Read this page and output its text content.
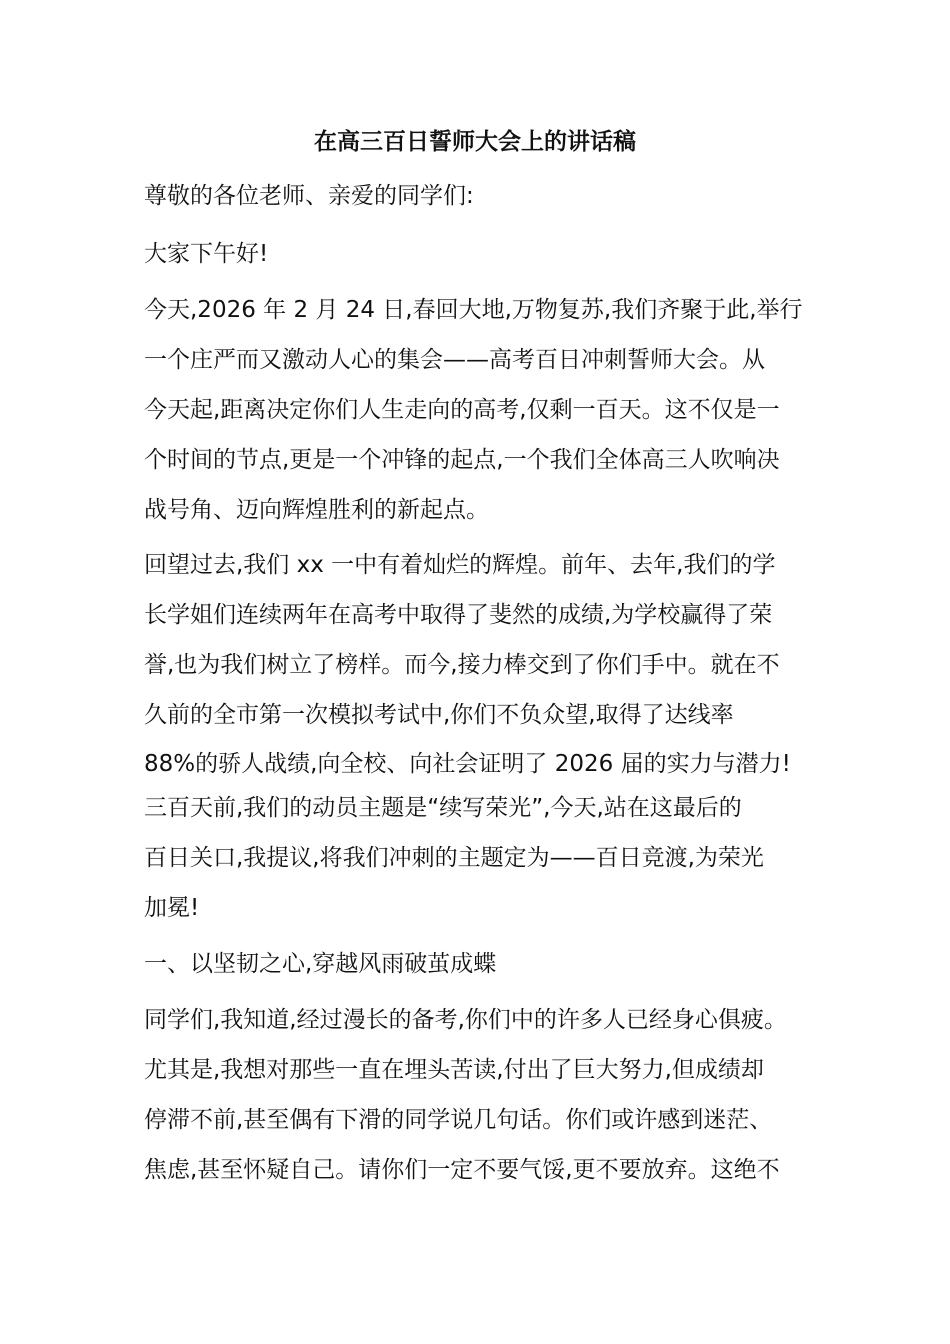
在高三百日誓师大会上的讲话稿

尊敬的各位老师、亲爱的同学们:

大家下午好!

今天,2026 年 2 月 24 日,春回大地,万物复苏,我们齐聚于此,举行

一个庄严而又激动人心的集会——高考百日冲刺誓师大会。从

今天起,距离决定你们人生走向的高考,仅剩一百天。这不仅是一

个时间的节点,更是一个冲锋的起点,一个我们全体高三人吹响决

战号角、迈向辉煌胜利的新起点。

回望过去,我们 xx 一中有着灿烂的辉煌。前年、去年,我们的学

长学姐们连续两年在高考中取得了斐然的成绩,为学校赢得了荣

誉,也为我们树立了榜样。而今,接力棒交到了你们手中。就在不

久前的全市第一次模拟考试中,你们不负众望,取得了达线率

88%的骄人战绩,向全校、向社会证明了 2026 届的实力与潜力!

三百天前,我们的动员主题是“续写荣光”,今天,站在这最后的

百日关口,我提议,将我们冲刺的主题定为——百日竞渡,为荣光

加冕!

一、以坚韧之心,穿越风雨破茧成蝶

同学们,我知道,经过漫长的备考,你们中的许多人已经身心俱疲。

尤其是,我想对那些一直在埋头苦读,付出了巨大努力,但成绩却

停滞不前,甚至偶有下滑的同学说几句话。你们或许感到迷茫、

焦虑,甚至怀疑自己。请你们一定不要气馁,更不要放弃。这绝不
